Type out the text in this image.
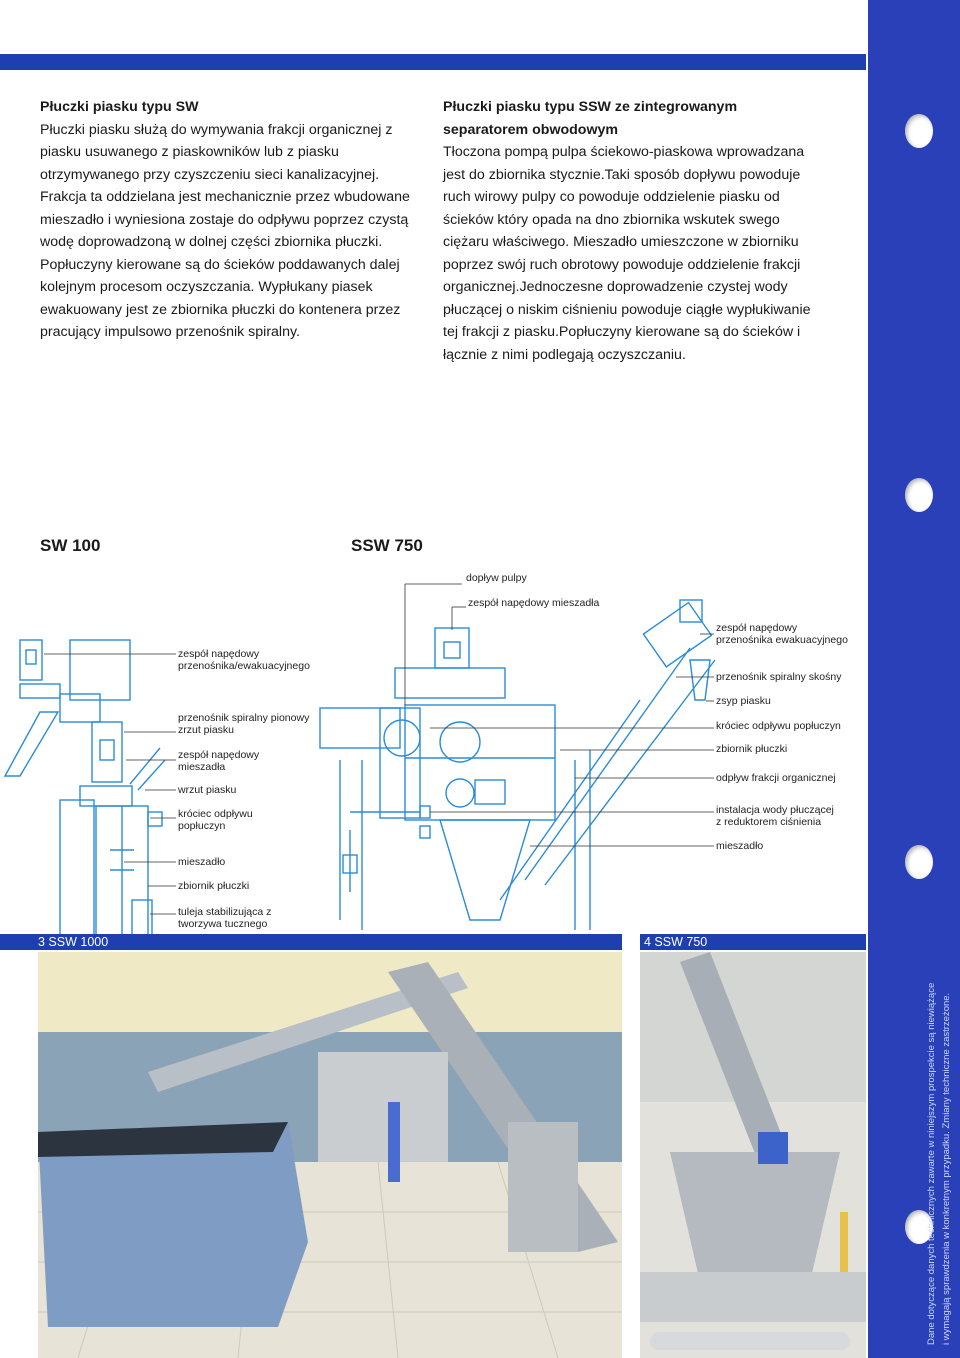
Dane dotyczące danych technicznych zawarte w niniejszym prospekcie są niewiążące
i wymagają sprawdzenia w konkretnym przypadku. Zmiany techniczne zastrzeżone.
Płuczki piasku typu SW

Płuczki piasku służą do wymywania frakcji organicznej z piasku usuwanego z piaskowników lub z piasku otrzymywanego przy czyszczeniu sieci kanalizacyjnej. Frakcja ta oddzielana jest mechanicznie przez wbudowane mieszadło i wyniesiona zostaje do odpływu poprzez czystą wodę doprowadzoną w dolnej części zbiornika płuczki. Popłuczyny kierowane są do ścieków poddawanych dalej kolejnym procesom oczyszczania. Wypłukany piasek ewakuowany jest ze zbiornika płuczki do kontenera przez pracujący impulsowo przenośnik spiralny.

Płuczki piasku typu SSW ze zintegrowanym separatorem obwodowym

Tłoczona pompą pulpa ściekowo-piaskowa wprowadzana jest do zbiornika stycznie.Taki sposób dopływu powoduje ruch wirowy pulpy co powoduje oddzielenie piasku od ścieków który opada na dno zbiornika wskutek swego ciężaru właściwego. Mieszadło umieszczone w zbiorniku poprzez swój ruch obrotowy powoduje oddzielenie frakcji organicznej.Jednoczesne doprowadzenie czystej wody płuczącej o niskim ciśnieniu powoduje ciągłe wypłukiwanie tej frakcji z piasku.Popłuczyny kierowane są do ścieków i łącznie z nimi podlegają oczyszczaniu.

SW 100	SSW 750
zespół napędowy
przenośnika/ewakuacyjnego
przenośnik spiralny pionowy
zrzut piasku
zespół napędowy
mieszadła
wrzut piasku
króciec odpływu
popłuczyn
mieszadło
zbiornik płuczki
tuleja stabilizująca z
tworzywa tucznego
dopływ pulpy
zespół napędowy mieszadła
zespół napędowy
przenośnika ewakuacyjnego
przenośnik spiralny skośny
zsyp piasku
króciec odpływu popłuczyn
zbiornik płuczki
odpływ frakcji organicznej
instalacja wody płuczącej
z reduktorem ciśnienia
mieszadło
3 SSW 1000	4 SSW 750
